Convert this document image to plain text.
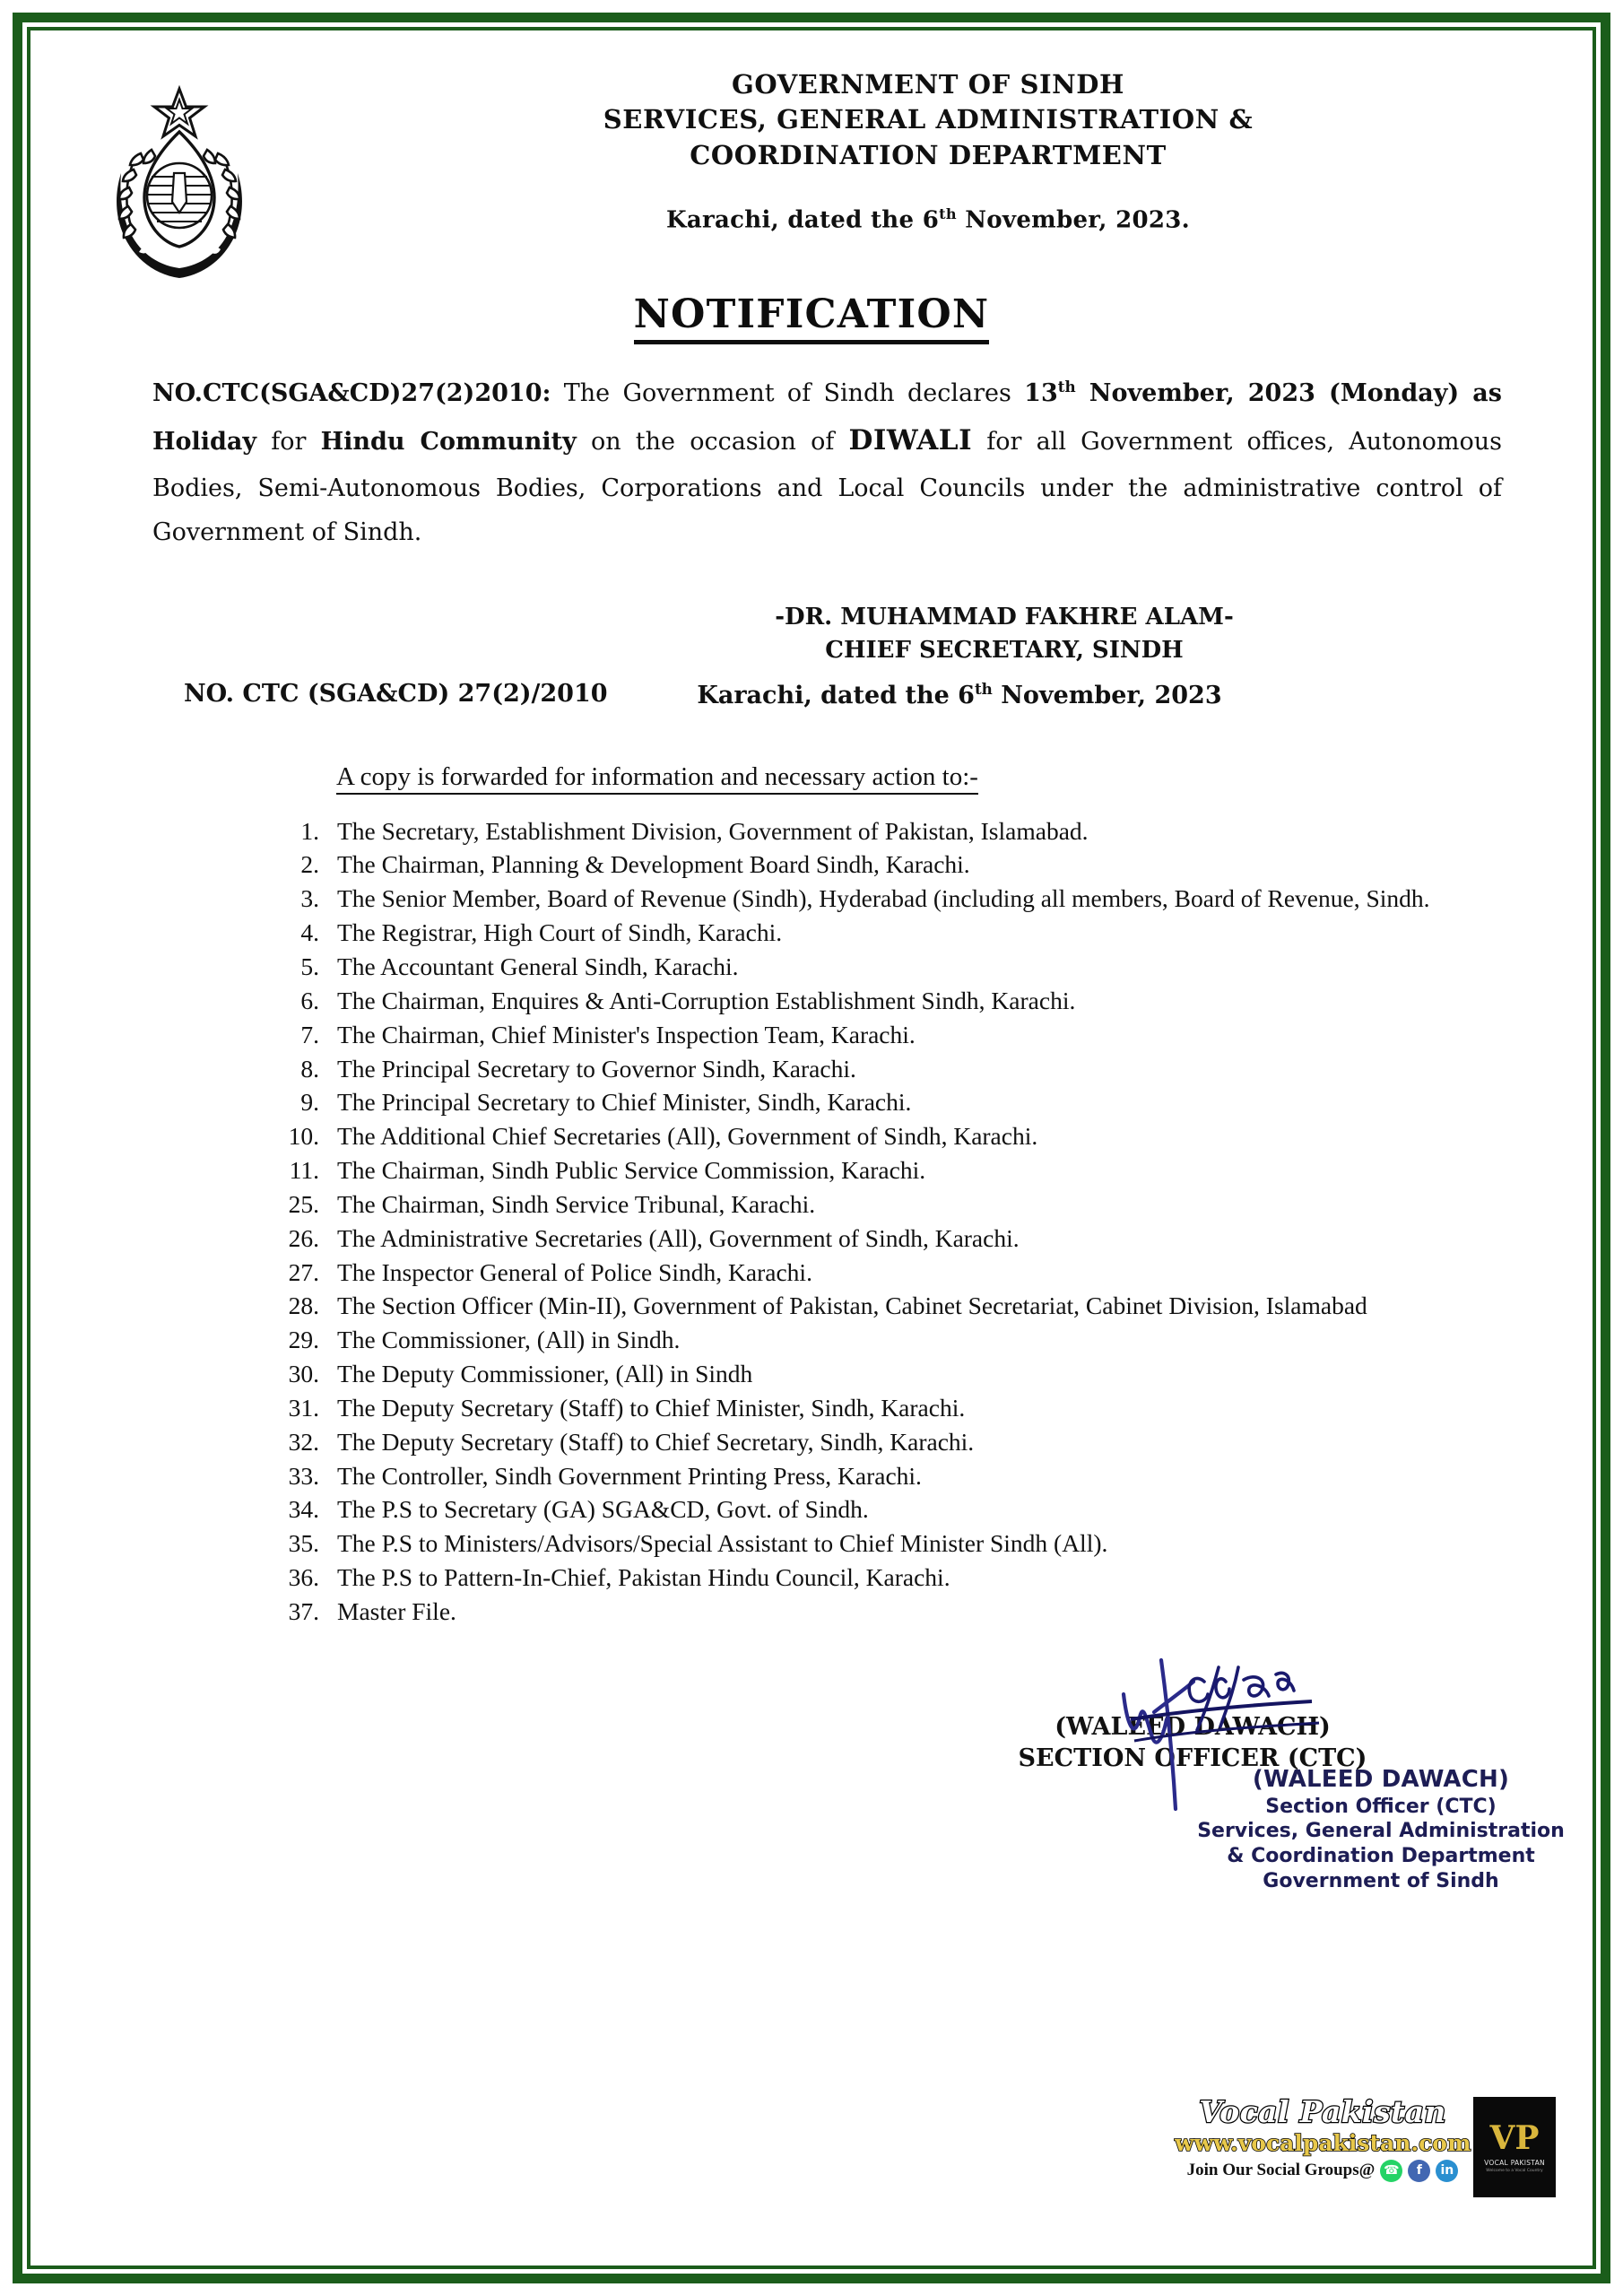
GOVERNMENT OF SINDH
SERVICES, GENERAL ADMINISTRATION &
COORDINATION DEPARTMENT
Karachi, dated the 6th November, 2023.
NOTIFICATION
NO.CTC(SGA&CD)27(2)2010: The Government of Sindh declares 13th November, 2023 (Monday) as Holiday for Hindu Community on the occasion of DIWALI for all Government offices, Autonomous Bodies, Semi-Autonomous Bodies, Corporations and Local Councils under the administrative control of Government of Sindh.
-DR. MUHAMMAD FAKHRE ALAM-
CHIEF SECRETARY, SINDH
NO. CTC (SGA&CD) 27(2)/2010	Karachi, dated the 6th November, 2023
A copy is forwarded for information and necessary action to:-
1. The Secretary, Establishment Division, Government of Pakistan, Islamabad.
2. The Chairman, Planning & Development Board Sindh, Karachi.
3. The Senior Member, Board of Revenue (Sindh), Hyderabad (including all members, Board of Revenue, Sindh.
4. The Registrar, High Court of Sindh, Karachi.
5. The Accountant General Sindh, Karachi.
6. The Chairman, Enquires & Anti-Corruption Establishment Sindh, Karachi.
7. The Chairman, Chief Minister's Inspection Team, Karachi.
8. The Principal Secretary to Governor Sindh, Karachi.
9. The Principal Secretary to Chief Minister, Sindh, Karachi.
10. The Additional Chief Secretaries (All), Government of Sindh, Karachi.
11. The Chairman, Sindh Public Service Commission, Karachi.
25. The Chairman, Sindh Service Tribunal, Karachi.
26. The Administrative Secretaries (All), Government of Sindh, Karachi.
27. The Inspector General of Police Sindh, Karachi.
28. The Section Officer (Min-II), Government of Pakistan, Cabinet Secretariat, Cabinet Division, Islamabad
29. The Commissioner, (All) in Sindh.
30. The Deputy Commissioner, (All) in Sindh
31. The Deputy Secretary (Staff) to Chief Minister, Sindh, Karachi.
32. The Deputy Secretary (Staff) to Chief Secretary, Sindh, Karachi.
33. The Controller, Sindh Government Printing Press, Karachi.
34. The P.S to Secretary (GA) SGA&CD, Govt. of Sindh.
35. The P.S to Ministers/Advisors/Special Assistant to Chief Minister Sindh (All).
36. The P.S to Pattern-In-Chief, Pakistan Hindu Council, Karachi.
37. Master File.
(WALEED DAWACH)
SECTION OFFICER (CTC)
(WALEED DAWACH)
Section Officer (CTC)
Services, General Administration
& Coordination Department
Government of Sindh
Vocal Pakistan
www.vocalpakistan.com
Join Our Social Groups@ ☎	f	in
VP
VOCAL PAKISTAN
Welcome to a Vocal Country
